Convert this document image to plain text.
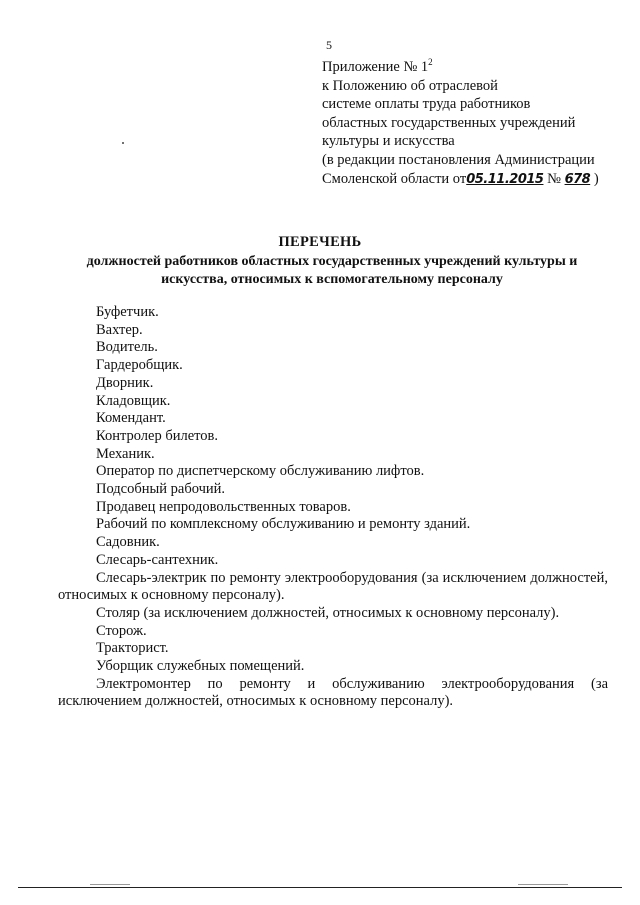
5
Приложение № $1^2$
к Положению об отраслевой
системе оплаты труда работников
областных государственных учреждений
культуры и искусства
(в редакции постановления Администрации
Смоленской области от05.11.2015 № 678 )
ПЕРЕЧЕНЬ
должностей работников областных государственных учреждений культуры и искусства, относимых к вспомогательному персоналу
Буфетчик.
Вахтер.
Водитель.
Гардеробщик.
Дворник.
Кладовщик.
Комендант.
Контролер билетов.
Механик.
Оператор по диспетчерскому обслуживанию лифтов.
Подсобный рабочий.
Продавец непродовольственных товаров.
Рабочий по комплексному обслуживанию и ремонту зданий.
Садовник.
Слесарь-сантехник.
Слесарь-электрик по ремонту электрооборудования (за исключением должностей, относимых к основному персоналу).
Столяр (за исключением должностей, относимых к основному персоналу).
Сторож.
Тракторист.
Уборщик служебных помещений.
Электромонтер по ремонту и обслуживанию электрооборудования (за исключением должностей, относимых к основному персоналу).
